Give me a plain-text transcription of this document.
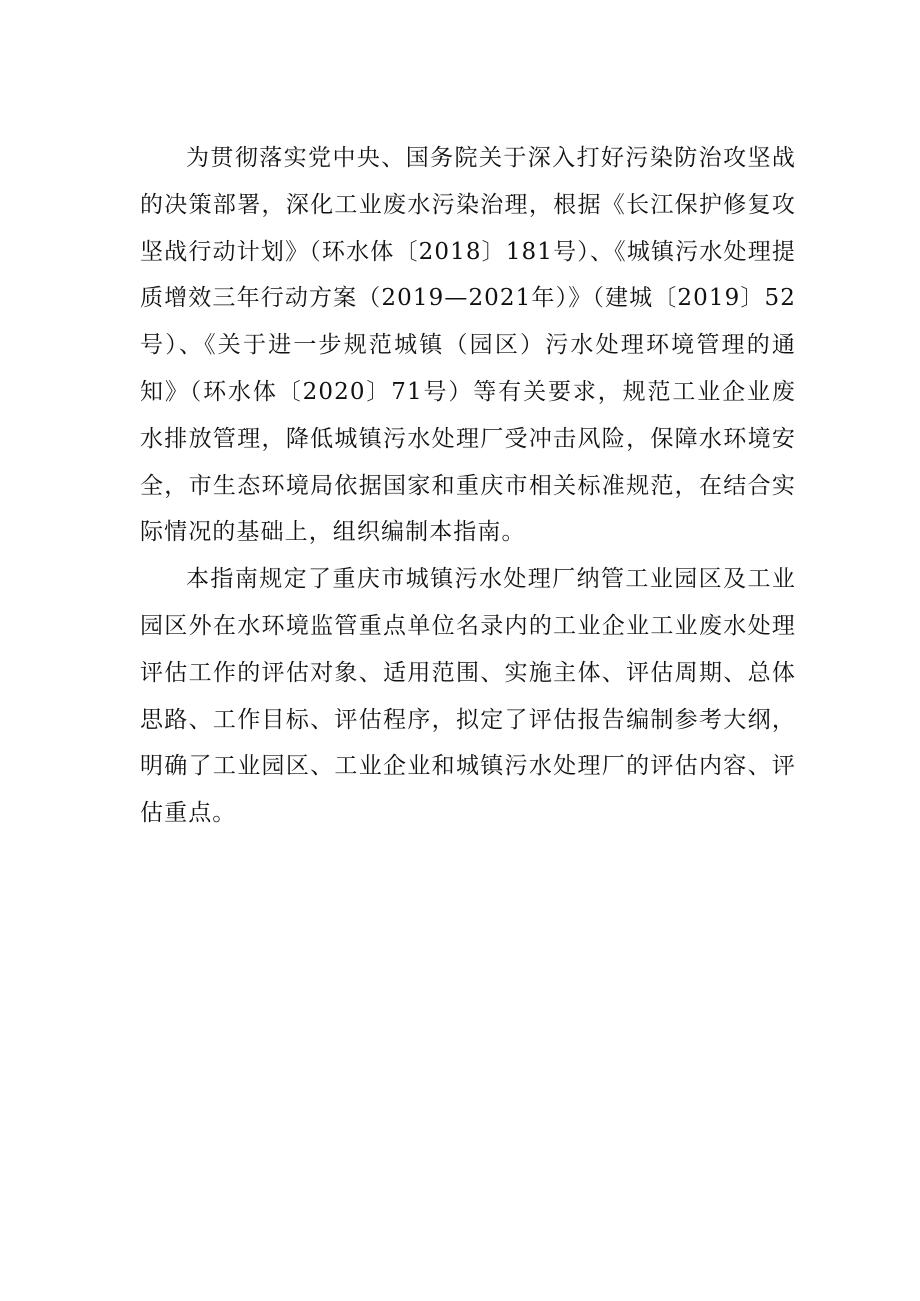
为贯彻落实党中央、国务院关于深入打好污染防治攻坚战的决策部署，深化工业废水污染治理，根据《长江保护修复攻坚战行动计划》（环水体〔2018〕181号）、《城镇污水处理提质增效三年行动方案（2019—2021年）》（建城〔2019〕52号）、《关于进一步规范城镇（园区）污水处理环境管理的通知》（环水体〔2020〕71号）等有关要求，规范工业企业废水排放管理，降低城镇污水处理厂受冲击风险，保障水环境安全，市生态环境局依据国家和重庆市相关标准规范，在结合实际情况的基础上，组织编制本指南。

本指南规定了重庆市城镇污水处理厂纳管工业园区及工业园区外在水环境监管重点单位名录内的工业企业工业废水处理评估工作的评估对象、适用范围、实施主体、评估周期、总体思路、工作目标、评估程序，拟定了评估报告编制参考大纲，明确了工业园区、工业企业和城镇污水处理厂的评估内容、评估重点。
